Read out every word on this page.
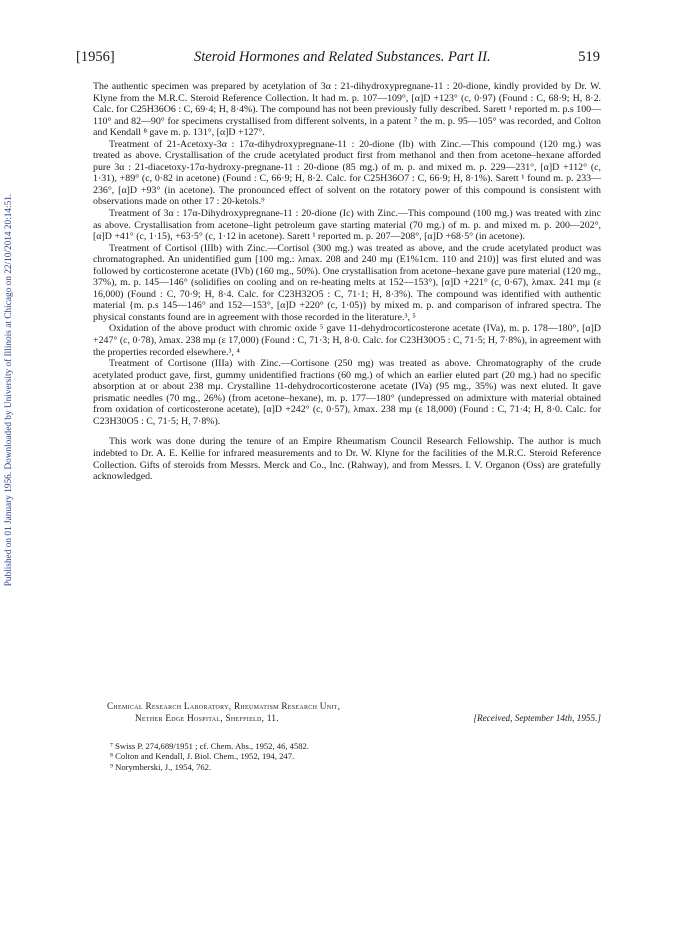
Published on 01 January 1956. Downloaded by University of Illinois at Chicago on 22/10/2014 20:14:51.
[1956]	Steroid Hormones and Related Substances. Part II.	519

The authentic specimen was prepared by acetylation of 3α : 21-dihydroxypregnane-11 : 20-dione, kindly provided by Dr. W. Klyne from the M.R.C. Steroid Reference Collection. It had m. p. 107—109°, [α]D +123° (c, 0·97) (Found : C, 68·9; H, 8·2. Calc. for C25H36O6 : C, 69·4; H, 8·4%). The compound has not been previously fully described. Sarett ¹ reported m. p.s 100—110° and 82—90° for specimens crystallised from different solvents, in a patent ⁷ the m. p. 95—105° was recorded, and Colton and Kendall ⁸ gave m. p. 131°, [α]D +127°.

Treatment of 21-Acetoxy-3α : 17α-dihydroxypregnane-11 : 20-dione (Ib) with Zinc.—This compound (120 mg.) was treated as above. Crystallisation of the crude acetylated product first from methanol and then from acetone–hexane afforded pure 3α : 21-diacetoxy-17α-hydroxy-pregnane-11 : 20-dione (85 mg.) of m. p. and mixed m. p. 229—231°, [α]D +112° (c, 1·31), +89° (c, 0·82 in acetone) (Found : C, 66·9; H, 8·2. Calc. for C25H36O7 : C, 66·9; H, 8·1%). Sarett ¹ found m. p. 233—236°, [α]D +93° (in acetone). The pronounced effect of solvent on the rotatory power of this compound is consistent with observations made on other 17 : 20-ketols.⁹

Treatment of 3α : 17α-Dihydroxypregnane-11 : 20-dione (Ic) with Zinc.—This compound (100 mg.) was treated with zinc as above. Crystallisation from acetone–light petroleum gave starting material (70 mg.) of m. p. and mixed m. p. 200—202°, [α]D +41° (c, 1·15), +63·5° (c, 1·12 in acetone). Sarett ¹ reported m. p. 207—208°, [α]D +68·5° (in acetone).

Treatment of Cortisol (IIIb) with Zinc.—Cortisol (300 mg.) was treated as above, and the crude acetylated product was chromatographed. An unidentified gum [100 mg.: λmax. 208 and 240 mμ (E1%1cm. 110 and 210)] was first eluted and was followed by corticosterone acetate (IVb) (160 mg., 50%). One crystallisation from acetone–hexane gave pure material (120 mg., 37%), m. p. 145—146° (solidifies on cooling and on re-heating melts at 152—153°), [α]D +221° (c, 0·67), λmax. 241 mμ (ε 16,000) (Found : C, 70·9; H, 8·4. Calc. for C23H32O5 : C, 71·1; H, 8·3%). The compound was identified with authentic material {m. p.s 145—146° and 152—153°, [α]D +220° (c, 1·05)} by mixed m. p. and comparison of infrared spectra. The physical constants found are in agreement with those recorded in the literature.³, ⁵

Oxidation of the above product with chromic oxide ⁵ gave 11-dehydrocorticosterone acetate (IVa), m. p. 178—180°, [α]D +247° (c, 0·78), λmax. 238 mμ (ε 17,000) (Found : C, 71·3; H, 8·0. Calc. for C23H30O5 : C, 71·5; H, 7·8%), in agreement with the properties recorded elsewhere.³, ⁴

Treatment of Cortisone (IIIa) with Zinc.—Cortisone (250 mg) was treated as above. Chromatography of the crude acetylated product gave, first, gummy unidentified fractions (60 mg.) of which an earlier eluted part (20 mg.) had no specific absorption at or about 238 mμ. Crystalline 11-dehydrocorticosterone acetate (IVa) (95 mg., 35%) was next eluted. It gave prismatic needles (70 mg., 26%) (from acetone–hexane), m. p. 177—180° (undepressed on admixture with material obtained from oxidation of corticosterone acetate), [α]D +242° (c, 0·57), λmax. 238 mμ (ε 18,000) (Found : C, 71·4; H, 8·0. Calc. for C23H30O5 : C, 71·5; H, 7·8%).

This work was done during the tenure of an Empire Rheumatism Council Research Fellowship. The author is much indebted to Dr. A. E. Kellie for infrared measurements and to Dr. W. Klyne for the facilities of the M.R.C. Steroid Reference Collection. Gifts of steroids from Messrs. Merck and Co., Inc. (Rahway), and from Messrs. I. V. Organon (Oss) are gratefully acknowledged.

Chemical Research Laboratory, Rheumatism Research Unit,
Nether Edge Hospital, Sheffield, 11.	[Received, September 14th, 1955.]
⁷ Swiss P. 274,689/1951 ; cf. Chem. Abs., 1952, 46, 4582.
⁸ Colton and Kendall, J. Biol. Chem., 1952, 194, 247.
⁹ Norymberski, J., 1954, 762.
